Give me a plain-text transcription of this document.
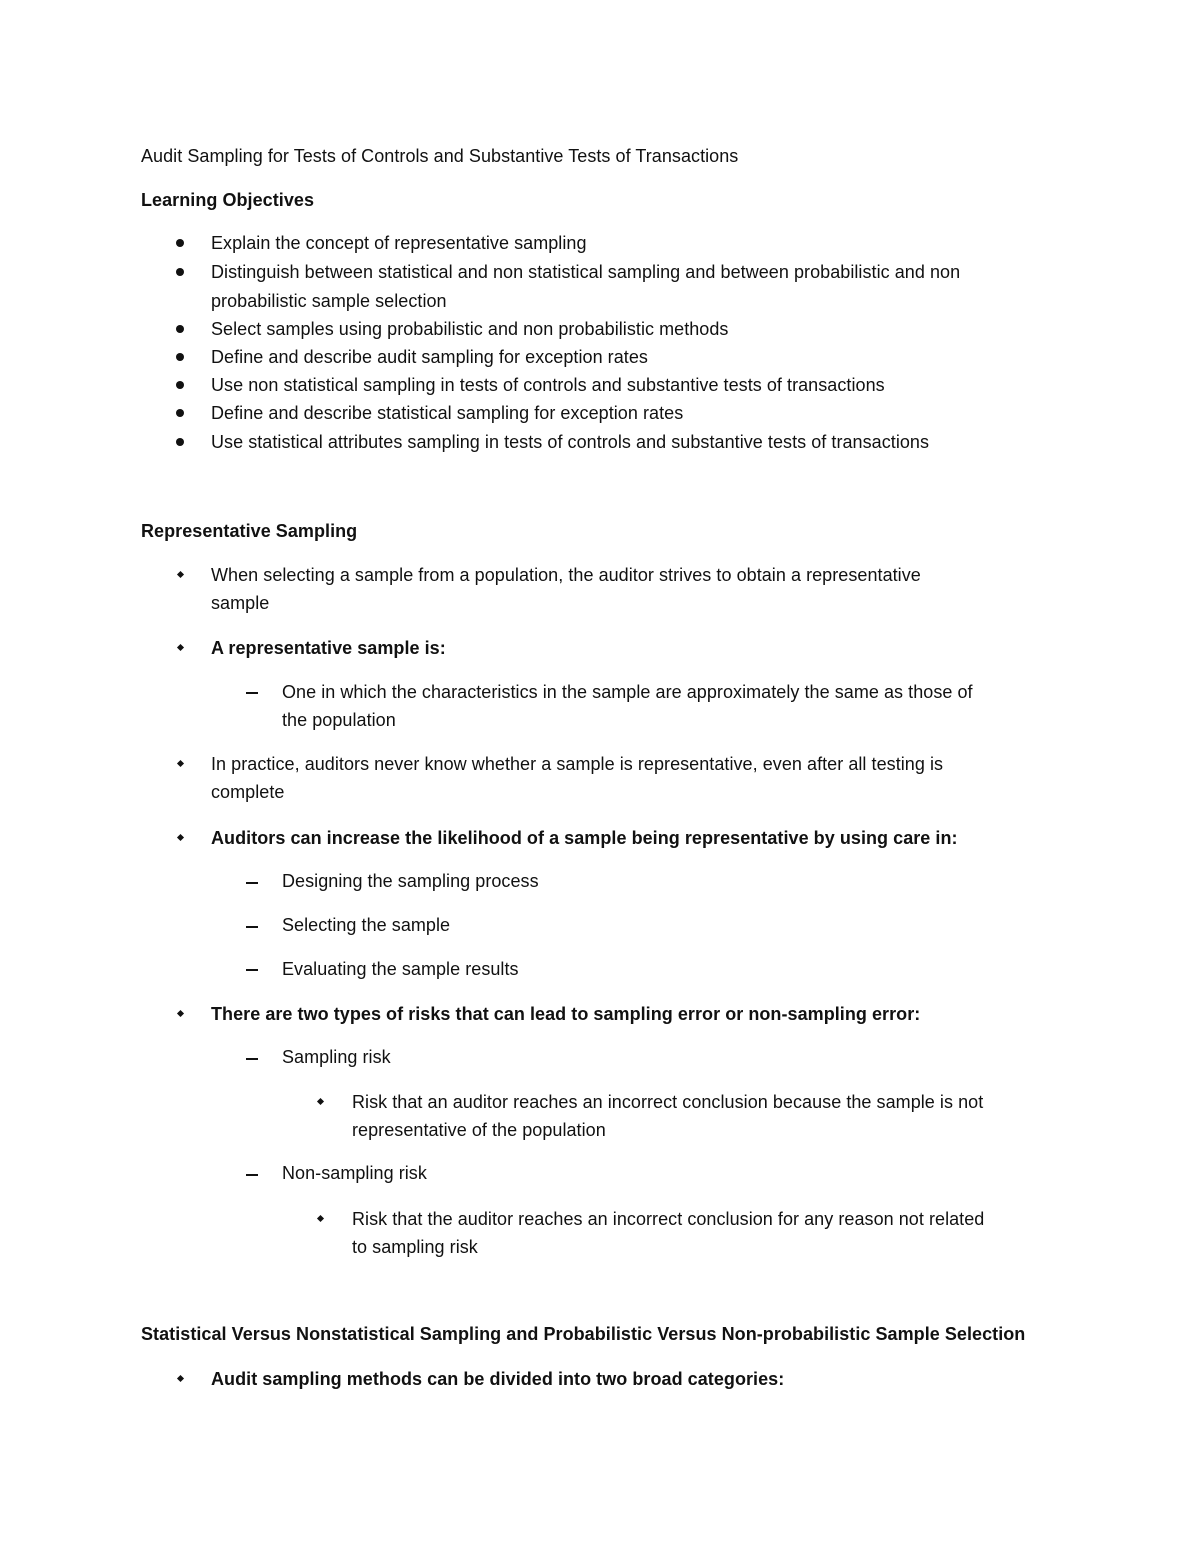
Audit Sampling for Tests of Controls and Substantive Tests of Transactions
Learning Objectives
Explain the concept of representative sampling
Distinguish between statistical and non statistical sampling and between probabilistic and non
probabilistic sample selection
Select samples using probabilistic and non probabilistic methods
Define and describe audit sampling for exception rates
Use non statistical sampling in tests of controls and substantive tests of transactions
Define and describe statistical sampling for exception rates
Use statistical attributes sampling in tests of controls and substantive tests of transactions
Representative Sampling
When selecting a sample from a population, the auditor strives to obtain a representative
sample
A representative sample is:
One in which the characteristics in the sample are approximately the same as those of
the population
In practice, auditors never know whether a sample is representative, even after all testing is
complete
Auditors can increase the likelihood of a sample being representative by using care in:
Designing the sampling process
Selecting the sample
Evaluating the sample results
There are two types of risks that can lead to sampling error or non-sampling error:
Sampling risk
Risk that an auditor reaches an incorrect conclusion because the sample is not
representative of the population
Non-sampling risk
Risk that the auditor reaches an incorrect conclusion for any reason not related
to sampling risk
Statistical Versus Nonstatistical Sampling and Probabilistic Versus Non-probabilistic Sample Selection
Audit sampling methods can be divided into two broad categories:
